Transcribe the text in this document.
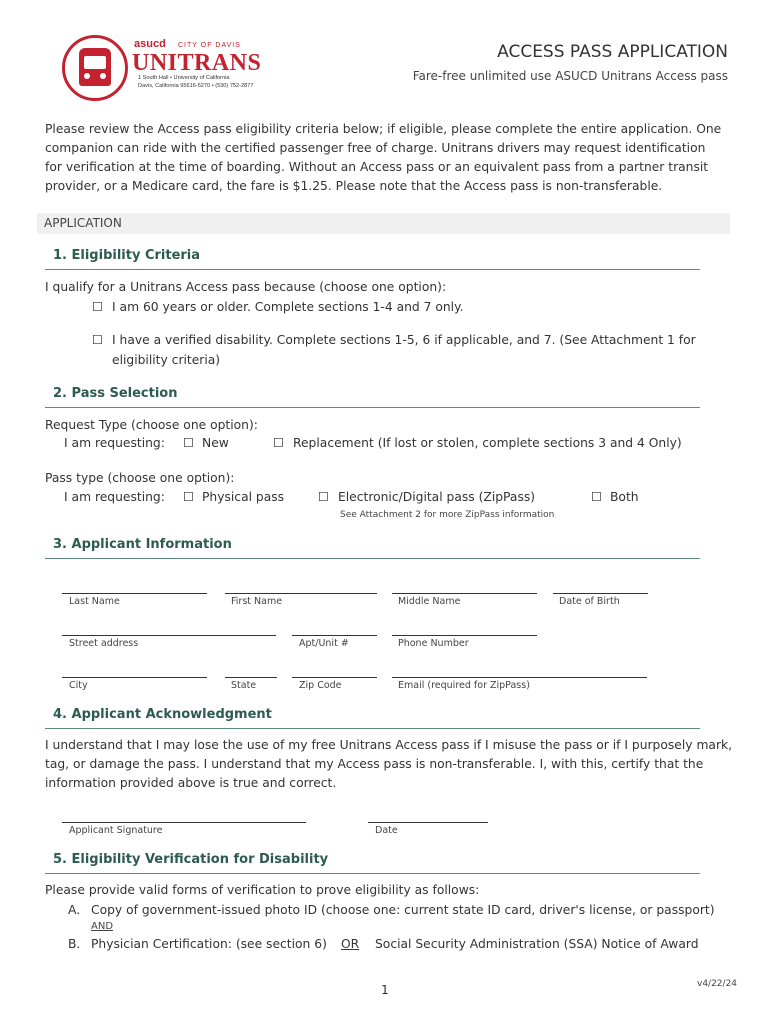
asucd CITY OF DAVIS
UNITRANS
1 South Hall • University of California
Davis, California 95616-5270 • (530) 752-2877
ACCESS PASS APPLICATION
Fare-free unlimited use ASUCD Unitrans Access pass
Please review the Access pass eligibility criteria below; if eligible, please complete the entire application. One companion can ride with the certified passenger free of charge. Unitrans drivers may request identification for verification at the time of boarding. Without an Access pass or an equivalent pass from a partner transit provider, or a Medicare card, the fare is $1.25. Please note that the Access pass is non-transferable.
APPLICATION
1. Eligibility Criteria
I qualify for a Unitrans Access pass because (choose one option):
☐ I am 60 years or older. Complete sections 1-4 and 7 only.
☐ I have a verified disability. Complete sections 1-5, 6 if applicable, and 7. (See Attachment 1 for
eligibility criteria)
2. Pass Selection
Request Type (choose one option):
I am requesting: ☐ New	☐ Replacement (If lost or stolen, complete sections 3 and 4 Only)
Pass type (choose one option):
I am requesting: ☐ Physical pass	☐ Electronic/Digital pass (ZipPass)	☐ Both
See Attachment 2 for more ZipPass information
3. Applicant Information
Last Name	First Name	Middle Name	Date of Birth
Street address	Apt/Unit #	Phone Number
City	State	Zip Code	Email (required for ZipPass)
4. Applicant Acknowledgment
I understand that I may lose the use of my free Unitrans Access pass if I misuse the pass or if I purposely mark,
tag, or damage the pass. I understand that my Access pass is non-transferable. I, with this, certify that the
information provided above is true and correct.
Applicant Signature	Date
5. Eligibility Verification for Disability
Please provide valid forms of verification to prove eligibility as follows:
A. Copy of government-issued photo ID (choose one: current state ID card, driver's license, or passport)
AND
B. Physician Certification: (see section 6) OR Social Security Administration (SSA) Notice of Award
1	v4/22/24
